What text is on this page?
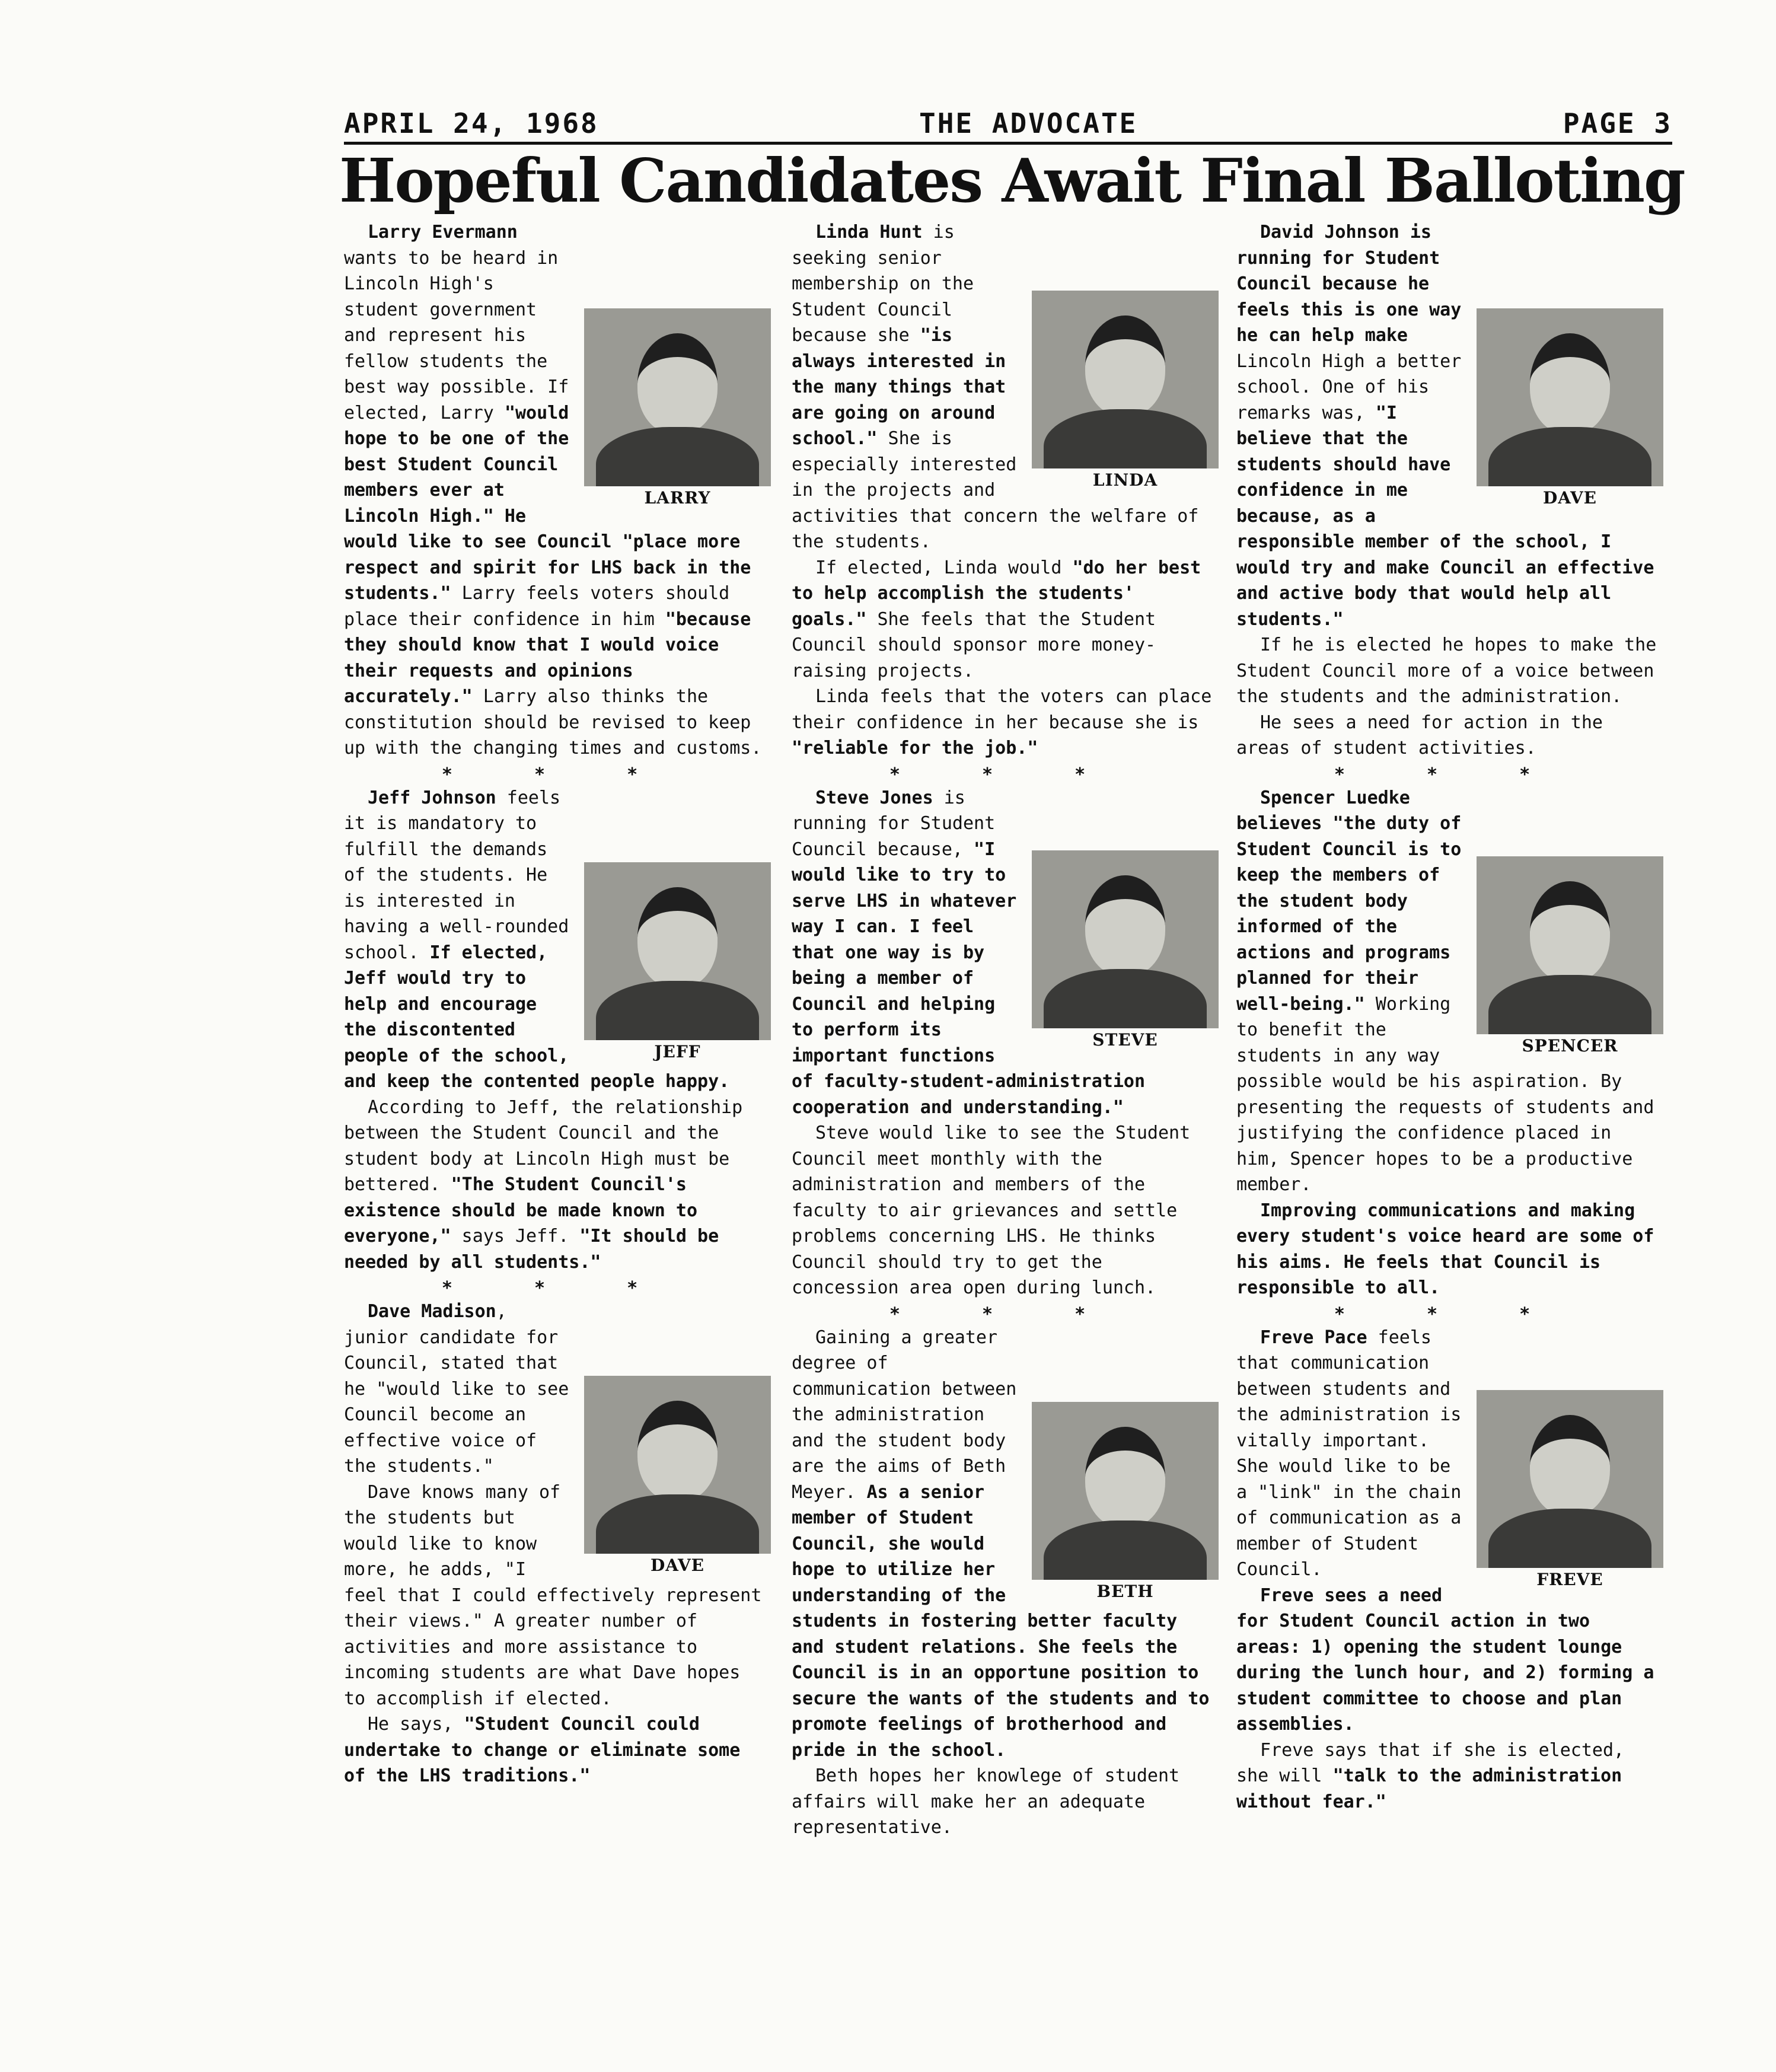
APRIL 24, 1968	THE ADVOCATE	PAGE 3
Hopeful Candidates Await Final Balloting
LARRY

Larry Evermann wants to be heard in Lincoln High's student government and represent his fellow students the best way possible. If elected, Larry "would hope to be one of the best Student Council members ever at Lincoln High." He would like to see Council "place more respect and spirit for LHS back in the students." Larry feels voters should place their confidence in him "because they should know that I would voice their requests and opinions accurately." Larry also thinks the constitution should be revised to keep up with the changing times and customs.

* * *
JEFF

Jeff Johnson feels it is mandatory to fulfill the demands of the students. He is interested in having a well-rounded school. If elected, Jeff would try to help and encourage the discontented people of the school, and keep the contented people happy.

According to Jeff, the relationship between the Student Council and the student body at Lincoln High must be bettered. "The Student Council's existence should be made known to everyone," says Jeff. "It should be needed by all students."

* * *
DAVE

Dave Madison, junior candidate for Council, stated that he "would like to see Council become an effective voice of the students."

Dave knows many of the students but would like to know more, he adds, "I feel that I could effectively represent their views." A greater number of activities and more assistance to incoming students are what Dave hopes to accomplish if elected.

He says, "Student Council could undertake to change or eliminate some of the LHS traditions."

LINDA

Linda Hunt is seeking senior membership on the Student Council because she "is always interested in the many things that are going on around school." She is especially interested in the projects and activities that concern the welfare of the students.

If elected, Linda would "do her best to help accomplish the students' goals." She feels that the Student Council should sponsor more money-raising projects.

Linda feels that the voters can place their confidence in her because she is "reliable for the job."

* * *
STEVE

Steve Jones is running for Student Council because, "I would like to try to serve LHS in whatever way I can. I feel that one way is by being a member of Council and helping to perform its important functions of faculty-student-administration cooperation and understanding."

Steve would like to see the Student Council meet monthly with the administration and members of the faculty to air grievances and settle problems concerning LHS. He thinks Council should try to get the concession area open during lunch.

* * *
BETH

Gaining a greater degree of communication between the administration and the student body are the aims of Beth Meyer. As a senior member of Student Council, she would hope to utilize her understanding of the students in fostering better faculty and student relations. She feels the Council is in an opportune position to secure the wants of the students and to promote feelings of brotherhood and pride in the school.

Beth hopes her knowlege of student affairs will make her an adequate representative.

DAVE

David Johnson is running for Student Council because he feels this is one way he can help make Lincoln High a better school. One of his remarks was, "I believe that the students should have confidence in me because, as a responsible member of the school, I would try and make Council an effective and active body that would help all students."

If he is elected he hopes to make the Student Council more of a voice between the students and the administration.

He sees a need for action in the areas of student activities.

* * *
SPENCER

Spencer Luedke believes "the duty of Student Council is to keep the members of the student body informed of the actions and programs planned for their well-being." Working to benefit the students in any way possible would be his aspiration. By presenting the requests of students and justifying the confidence placed in him, Spencer hopes to be a productive member.

Improving communications and making every student's voice heard are some of his aims. He feels that Council is responsible to all.

* * *
FREVE

Freve Pace feels that communication between students and the administration is vitally important. She would like to be a "link" in the chain of communication as a member of Student Council.

Freve sees a need for Student Council action in two areas: 1) opening the student lounge during the lunch hour, and 2) forming a student committee to choose and plan assemblies.

Freve says that if she is elected, she will "talk to the administration without fear."
